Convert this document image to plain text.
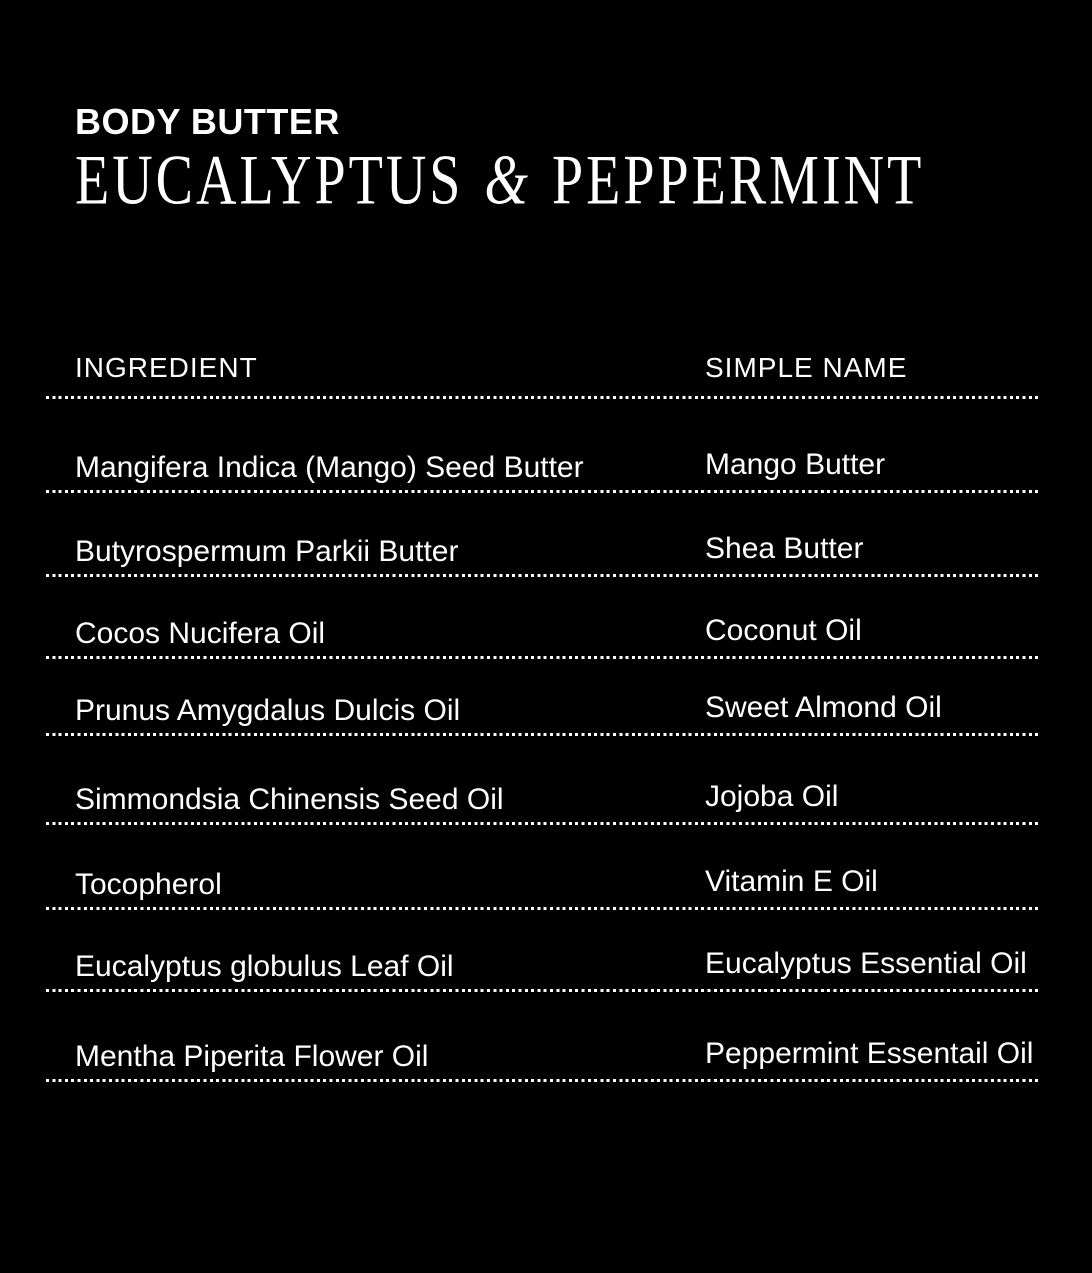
BODY BUTTER
EUCALYPTUS & PEPPERMINT
INGREDIENT	SIMPLE NAME
Mangifera Indica (Mango) Seed Butter	Mango Butter
Butyrospermum Parkii Butter	Shea Butter
Cocos Nucifera Oil	Coconut Oil
Prunus Amygdalus Dulcis Oil	Sweet Almond Oil
Simmondsia Chinensis Seed Oil	Jojoba Oil
Tocopherol	Vitamin E Oil
Eucalyptus globulus Leaf Oil	Eucalyptus Essential Oil
Mentha Piperita Flower Oil	Peppermint Essentail Oil
